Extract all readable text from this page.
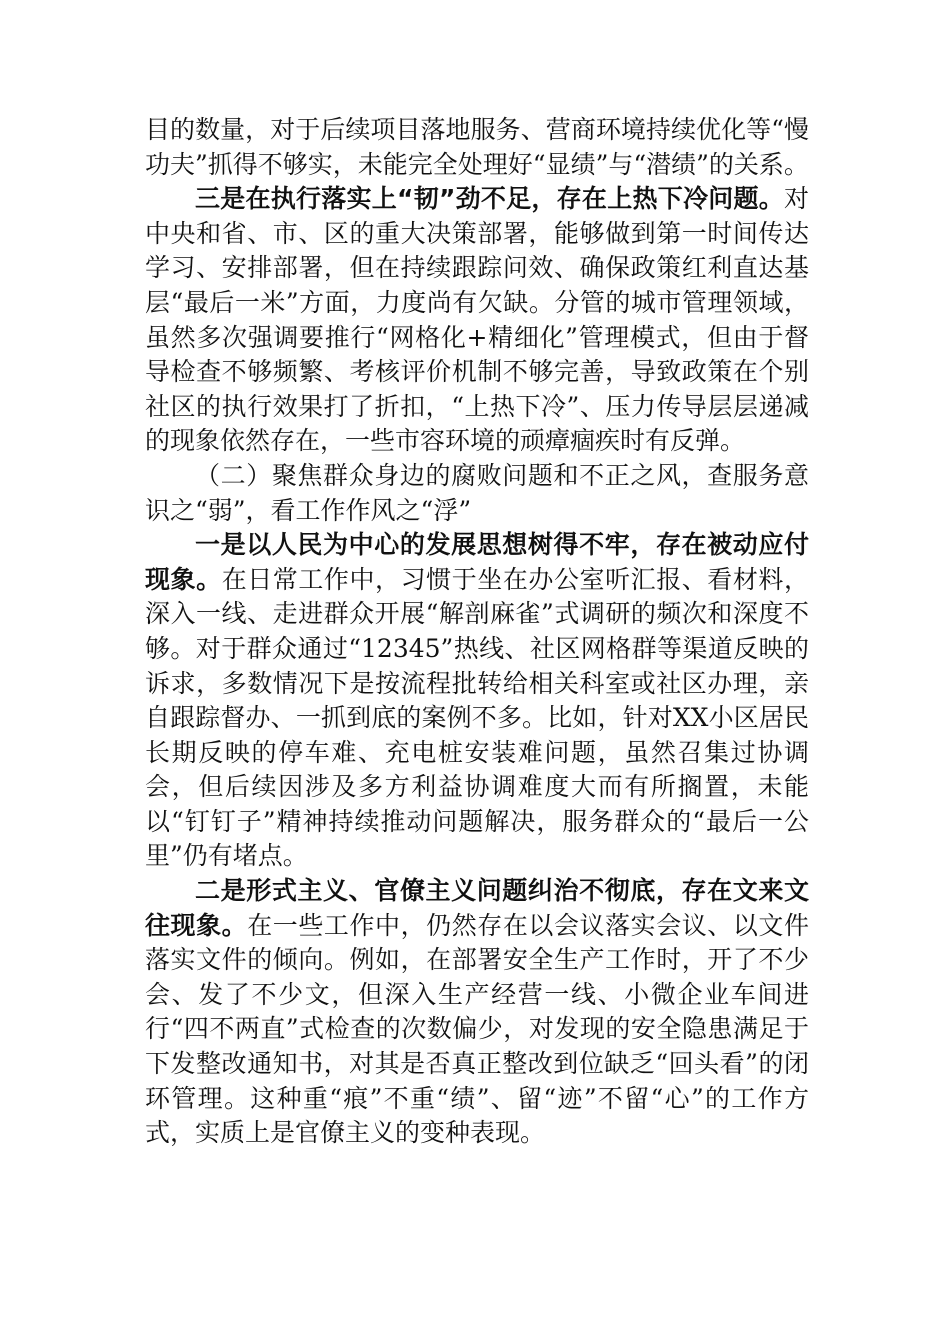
目的数量，对于后续项目落地服务、营商环境持续优化等“慢功夫”抓得不够实，未能完全处理好“显绩”与“潜绩”的关系。

三是在执行落实上“韧”劲不足，存在上热下冷问题。对中央和省、市、区的重大决策部署，能够做到第一时间传达学习、安排部署，但在持续跟踪问效、确保政策红利直达基层“最后一米”方面，力度尚有欠缺。分管的城市管理领域，虽然多次强调要推行“网格化+精细化”管理模式，但由于督导检查不够频繁、考核评价机制不够完善，导致政策在个别社区的执行效果打了折扣，“上热下冷”、压力传导层层递减的现象依然存在，一些市容环境的顽瘴痼疾时有反弹。

（二）聚焦群众身边的腐败问题和不正之风，查服务意识之“弱”，看工作作风之“浮”

一是以人民为中心的发展思想树得不牢，存在被动应付现象。在日常工作中，习惯于坐在办公室听汇报、看材料，深入一线、走进群众开展“解剖麻雀”式调研的频次和深度不够。对于群众通过“12345”热线、社区网格群等渠道反映的诉求，多数情况下是按流程批转给相关科室或社区办理，亲自跟踪督办、一抓到底的案例不多。比如，针对XX小区居民长期反映的停车难、充电桩安装难问题，虽然召集过协调会，但后续因涉及多方利益协调难度大而有所搁置，未能以“钉钉子”精神持续推动问题解决，服务群众的“最后一公里”仍有堵点。

二是形式主义、官僚主义问题纠治不彻底，存在文来文往现象。在一些工作中，仍然存在以会议落实会议、以文件落实文件的倾向。例如，在部署安全生产工作时，开了不少会、发了不少文，但深入生产经营一线、小微企业车间进行“四不两直”式检查的次数偏少，对发现的安全隐患满足于下发整改通知书，对其是否真正整改到位缺乏“回头看”的闭环管理。这种重“痕”不重“绩”、留“迹”不留“心”的工作方式，实质上是官僚主义的变种表现。
